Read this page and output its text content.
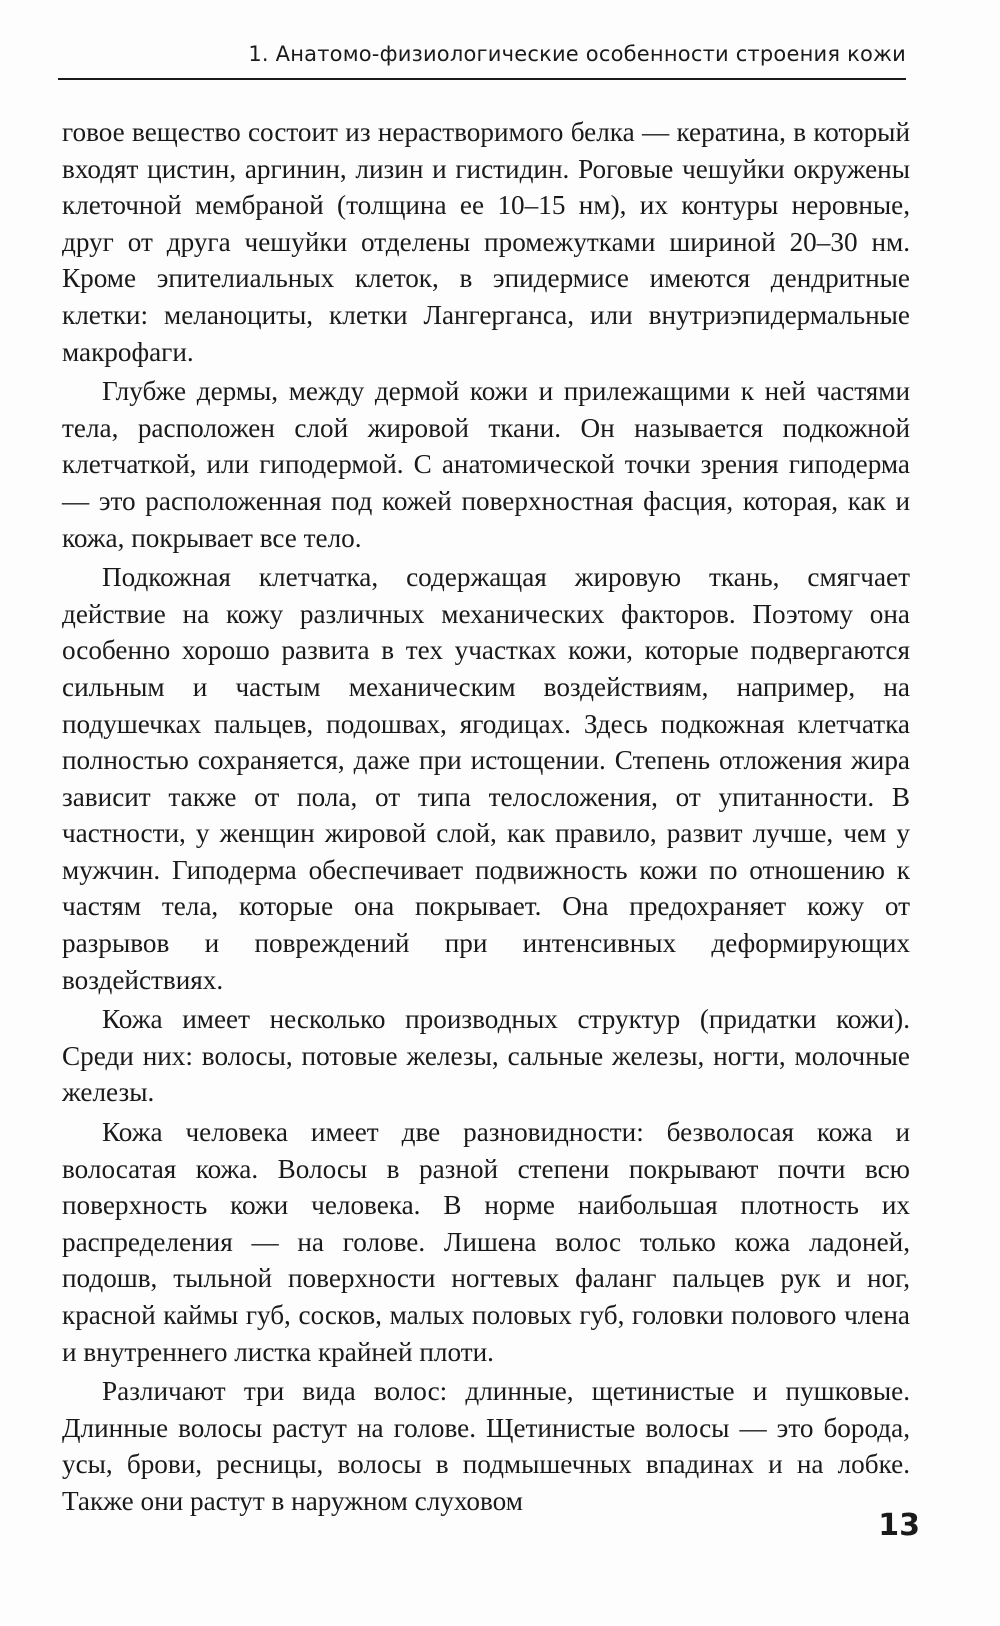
1. Анатомо-физиологические особенности строения кожи

говое вещество состоит из нерастворимого белка — кератина, в который входят цистин, аргинин, лизин и гистидин. Роговые чешуйки окружены клеточной мембраной (толщина ее 10–15 нм), их контуры неровные, друг от друга чешуйки отделены промежутками шириной 20–30 нм. Кроме эпителиальных клеток, в эпидермисе имеются дендритные клетки: меланоциты, клетки Лангерганса, или внутриэпидермальные макрофаги.

Глубже дермы, между дермой кожи и прилежащими к ней частями тела, расположен слой жировой ткани. Он называется подкожной клетчаткой, или гиподермой. С анатомической точки зрения гиподерма — это расположенная под кожей поверхностная фасция, которая, как и кожа, покрывает все тело.

Подкожная клетчатка, содержащая жировую ткань, смягчает действие на кожу различных механических факторов. Поэтому она особенно хорошо развита в тех участках кожи, которые подвергаются сильным и частым механическим воздействиям, например, на подушечках пальцев, подошвах, ягодицах. Здесь подкожная клетчатка полностью сохраняется, даже при истощении. Степень отложения жира зависит также от пола, от типа телосложения, от упитанности. В частности, у женщин жировой слой, как правило, развит лучше, чем у мужчин. Гиподерма обеспечивает подвижность кожи по отношению к частям тела, которые она покрывает. Она предохраняет кожу от разрывов и повреждений при интенсивных деформирующих воздействиях.

Кожа имеет несколько производных структур (придатки кожи). Среди них: волосы, потовые железы, сальные железы, ногти, молочные железы.

Кожа человека имеет две разновидности: безволосая кожа и волосатая кожа. Волосы в разной степени покрывают почти всю поверхность кожи человека. В норме наибольшая плотность их распределения — на голове. Лишена волос только кожа ладоней, подошв, тыльной поверхности ногтевых фаланг пальцев рук и ног, красной каймы губ, сосков, малых половых губ, головки полового члена и внутреннего листка крайней плоти.

Различают три вида волос: длинные, щетинистые и пушковые. Длинные волосы растут на голове. Щетинистые волосы — это борода, усы, брови, ресницы, волосы в подмышечных впадинах и на лобке. Также они растут в наружном слуховом

13
